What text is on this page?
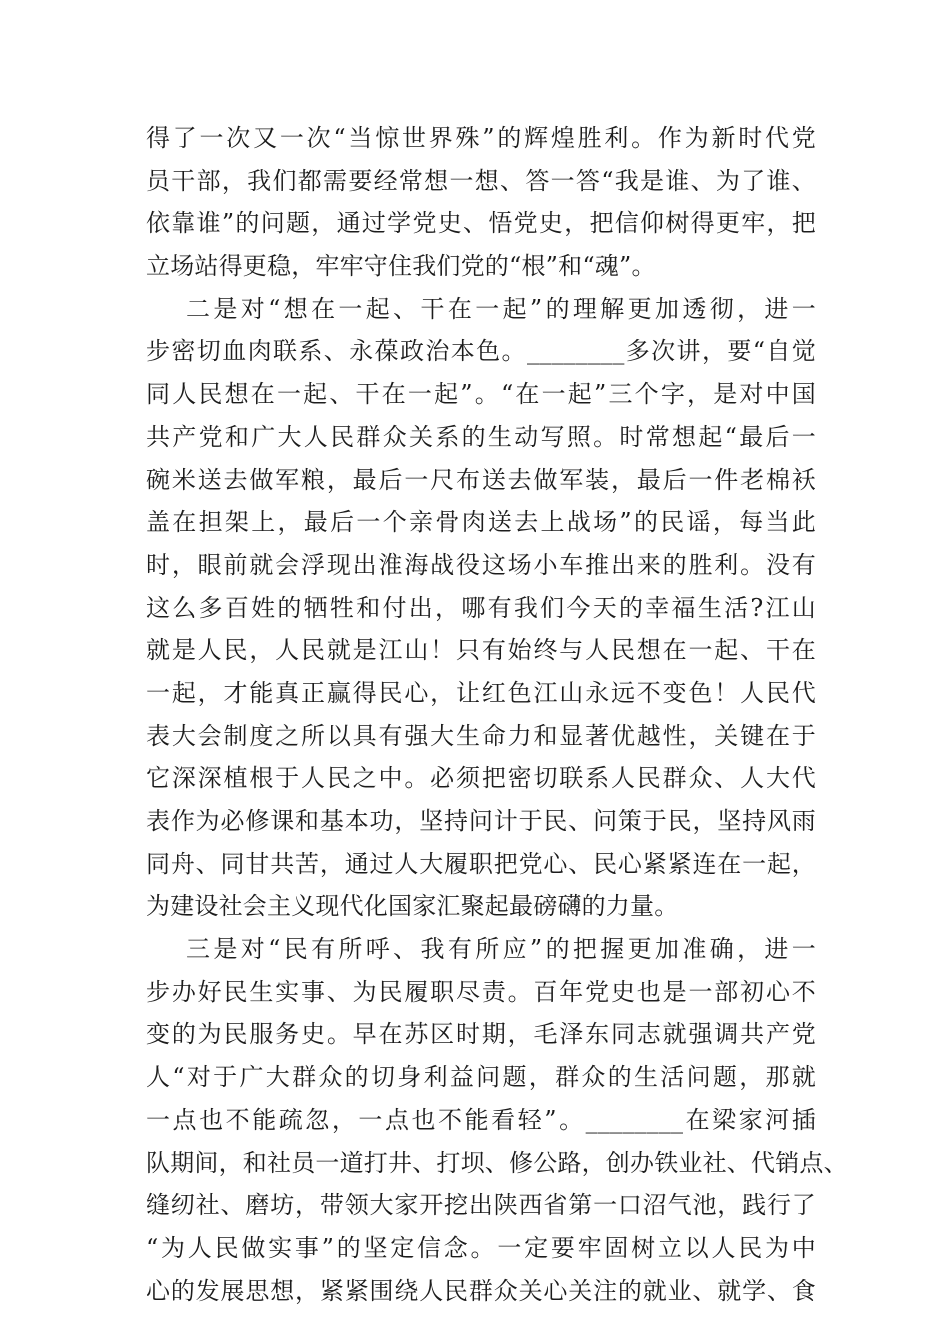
得了一次又一次“当惊世界殊”的辉煌胜利。作为新时代党
员干部，我们都需要经常想一想、答一答“我是谁、为了谁、
依靠谁”的问题，通过学党史、悟党史，把信仰树得更牢，把
立场站得更稳，牢牢守住我们党的“根”和“魂”。
二是对“想在一起、干在一起”的理解更加透彻，进一
步密切血肉联系、永葆政治本色。________多次讲，要“自觉
同人民想在一起、干在一起”。“在一起”三个字，是对中国
共产党和广大人民群众关系的生动写照。时常想起“最后一
碗米送去做军粮，最后一尺布送去做军装，最后一件老棉袄
盖在担架上，最后一个亲骨肉送去上战场”的民谣，每当此
时，眼前就会浮现出淮海战役这场小车推出来的胜利。没有
这么多百姓的牺牲和付出，哪有我们今天的幸福生活?江山
就是人民，人民就是江山！只有始终与人民想在一起、干在
一起，才能真正赢得民心，让红色江山永远不变色！人民代
表大会制度之所以具有强大生命力和显著优越性，关键在于
它深深植根于人民之中。必须把密切联系人民群众、人大代
表作为必修课和基本功，坚持问计于民、问策于民，坚持风雨
同舟、同甘共苦，通过人大履职把党心、民心紧紧连在一起，
为建设社会主义现代化国家汇聚起最磅礴的力量。
三是对“民有所呼、我有所应”的把握更加准确，进一
步办好民生实事、为民履职尽责。百年党史也是一部初心不
变的为民服务史。早在苏区时期，毛泽东同志就强调共产党
人“对于广大群众的切身利益问题，群众的生活问题，那就
一点也不能疏忽，一点也不能看轻”。________在梁家河插
队期间，和社员一道打井、打坝、修公路，创办铁业社、代销点、
缝纫社、磨坊，带领大家开挖出陕西省第一口沼气池，践行了
“为人民做实事”的坚定信念。一定要牢固树立以人民为中
心的发展思想，紧紧围绕人民群众关心关注的就业、就学、食
